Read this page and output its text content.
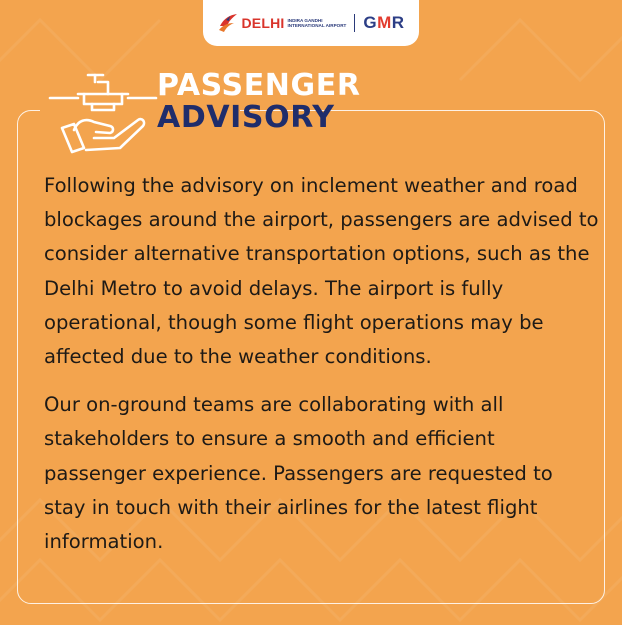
DELHI INDIRA GANDHI
INTERNATIONAL AIRPORT GMR
PASSENGER
ADVISORY

Following the advisory on inclement weather and road blockages around the airport, passengers are advised to consider alternative transportation options, such as the Delhi Metro to avoid delays. The airport is fully operational, though some flight operations may be affected due to the weather conditions.

Our on-ground teams are collaborating with all stakeholders to ensure a smooth and efficient passenger experience. Passengers are requested to stay in touch with their airlines for the latest flight information.
